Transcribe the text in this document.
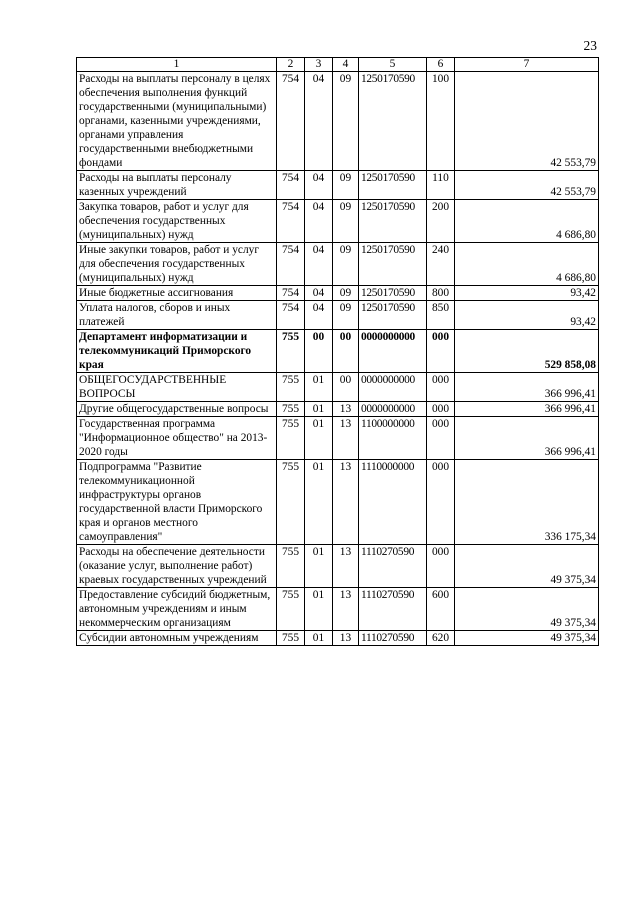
23
1	2	3	4	5	6	7
Расходы на выплаты персоналу в целях обеспечения выполнения функций государственными (муниципальными) органами, казенными учреждениями, органами управления государственными внебюджетными фондами	754	04	09	1250170590	100	42 553,79
Расходы на выплаты персоналу казенных учреждений	754	04	09	1250170590	110	42 553,79
Закупка товаров, работ и услуг для обеспечения государственных (муниципальных) нужд	754	04	09	1250170590	200	4 686,80
Иные закупки товаров, работ и услуг для обеспечения государственных (муниципальных) нужд	754	04	09	1250170590	240	4 686,80
Иные бюджетные ассигнования	754	04	09	1250170590	800	93,42
Уплата налогов, сборов и иных платежей	754	04	09	1250170590	850	93,42
Департамент информатизации и телекоммуникаций Приморского края	755	00	00	0000000000	000	529 858,08
ОБЩЕГОСУДАРСТВЕННЫЕ ВОПРОСЫ	755	01	00	0000000000	000	366 996,41
Другие общегосударственные вопросы	755	01	13	0000000000	000	366 996,41
Государственная программа "Информационное общество" на 2013-2020 годы	755	01	13	1100000000	000	366 996,41
Подпрограмма "Развитие телекоммуникационной инфраструктуры органов государственной власти Приморского края и органов местного самоуправления"	755	01	13	1110000000	000	336 175,34
Расходы на обеспечение деятельности (оказание услуг, выполнение работ) краевых государственных учреждений	755	01	13	1110270590	000	49 375,34
Предоставление субсидий бюджетным, автономным учреждениям и иным некоммерческим организациям	755	01	13	1110270590	600	49 375,34
Субсидии автономным учреждениям	755	01	13	1110270590	620	49 375,34
